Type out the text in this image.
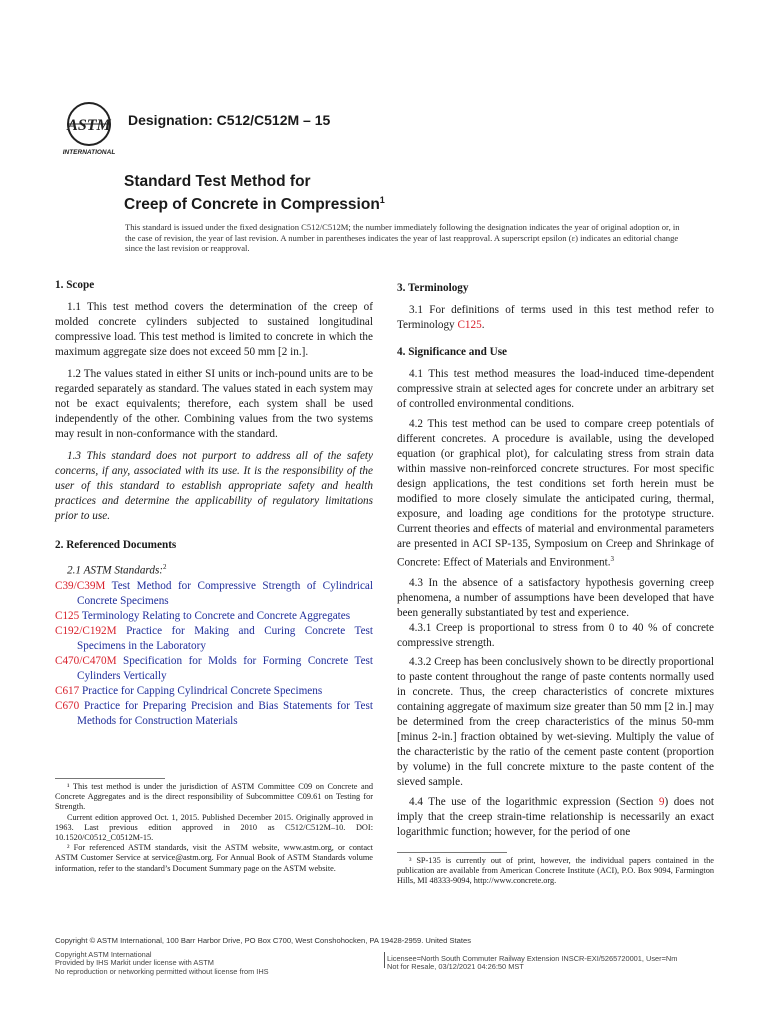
ASTM
INTERNATIONAL
Designation: C512/C512M – 15
Standard Test Method for
Creep of Concrete in Compression$^1$
This standard is issued under the fixed designation C512/C512M; the number immediately following the designation indicates the year of original adoption or, in the case of revision, the year of last revision. A number in parentheses indicates the year of last reapproval. A superscript epsilon (ε) indicates an editorial change since the last revision or reapproval.
1. Scope
1.1 This test method covers the determination of the creep of molded concrete cylinders subjected to sustained longitudinal compressive load. This test method is limited to concrete in which the maximum aggregate size does not exceed 50 mm [2 in.].
1.2 The values stated in either SI units or inch-pound units are to be regarded separately as standard. The values stated in each system may not be exact equivalents; therefore, each system shall be used independently of the other. Combining values from the two systems may result in non-conformance with the standard.
1.3 This standard does not purport to address all of the safety concerns, if any, associated with its use. It is the responsibility of the user of this standard to establish appropriate safety and health practices and determine the applicability of regulatory limitations prior to use.
2. Referenced Documents
2.1 ASTM Standards:$^2$
C39/C39M Test Method for Compressive Strength of Cylindrical Concrete Specimens
C125 Terminology Relating to Concrete and Concrete Aggregates
C192/C192M Practice for Making and Curing Concrete Test Specimens in the Laboratory
C470/C470M Specification for Molds for Forming Concrete Test Cylinders Vertically
C617 Practice for Capping Cylindrical Concrete Specimens
C670 Practice for Preparing Precision and Bias Statements for Test Methods for Construction Materials
¹ This test method is under the jurisdiction of ASTM Committee C09 on Concrete and Concrete Aggregates and is the direct responsibility of Subcommittee C09.61 on Testing for Strength.
Current edition approved Oct. 1, 2015. Published December 2015. Originally approved in 1963. Last previous edition approved in 2010 as C512/C512M–10. DOI: 10.1520/C0512_C0512M-15.
² For referenced ASTM standards, visit the ASTM website, www.astm.org, or contact ASTM Customer Service at service@astm.org. For Annual Book of ASTM Standards volume information, refer to the standard’s Document Summary page on the ASTM website.
3. Terminology
3.1 For definitions of terms used in this test method refer to Terminology C125.
4. Significance and Use
4.1 This test method measures the load-induced time-dependent compressive strain at selected ages for concrete under an arbitrary set of controlled environmental conditions.
4.2 This test method can be used to compare creep potentials of different concretes. A procedure is available, using the developed equation (or graphical plot), for calculating stress from strain data within massive non-reinforced concrete structures. For most specific design applications, the test conditions set forth herein must be modified to more closely simulate the anticipated curing, thermal, exposure, and loading age conditions for the prototype structure. Current theories and effects of material and environmental parameters are presented in ACI SP-135, Symposium on Creep and Shrinkage of Concrete: Effect of Materials and Environment.$^3$
4.3 In the absence of a satisfactory hypothesis governing creep phenomena, a number of assumptions have been developed that have been generally substantiated by test and experience.
4.3.1 Creep is proportional to stress from 0 to 40 % of concrete compressive strength.
4.3.2 Creep has been conclusively shown to be directly proportional to paste content throughout the range of paste contents normally used in concrete. Thus, the creep characteristics of concrete mixtures containing aggregate of maximum size greater than 50 mm [2 in.] may be determined from the creep characteristics of the minus 50-mm [minus 2-in.] fraction obtained by wet-sieving. Multiply the value of the characteristic by the ratio of the cement paste content (proportion by volume) in the full concrete mixture to the paste content of the sieved sample.
4.4 The use of the logarithmic expression (Section 9) does not imply that the creep strain-time relationship is necessarily an exact logarithmic function; however, for the period of one
³ SP-135 is currently out of print, however, the individual papers contained in the publication are available from American Concrete Institute (ACI), P.O. Box 9094, Farmington Hills, MI 48333-9094, http://www.concrete.org.
Copyright © ASTM International, 100 Barr Harbor Drive, PO Box C700, West Conshohocken, PA 19428-2959. United States
Copyright ASTM International
Provided by IHS Markit under license with ASTM
No reproduction or networking permitted without license from IHS
Licensee=North South Commuter Railway Extension INSCR-EXI/5265720001, User=Nm
Not for Resale, 03/12/2021 04:26:50 MST
